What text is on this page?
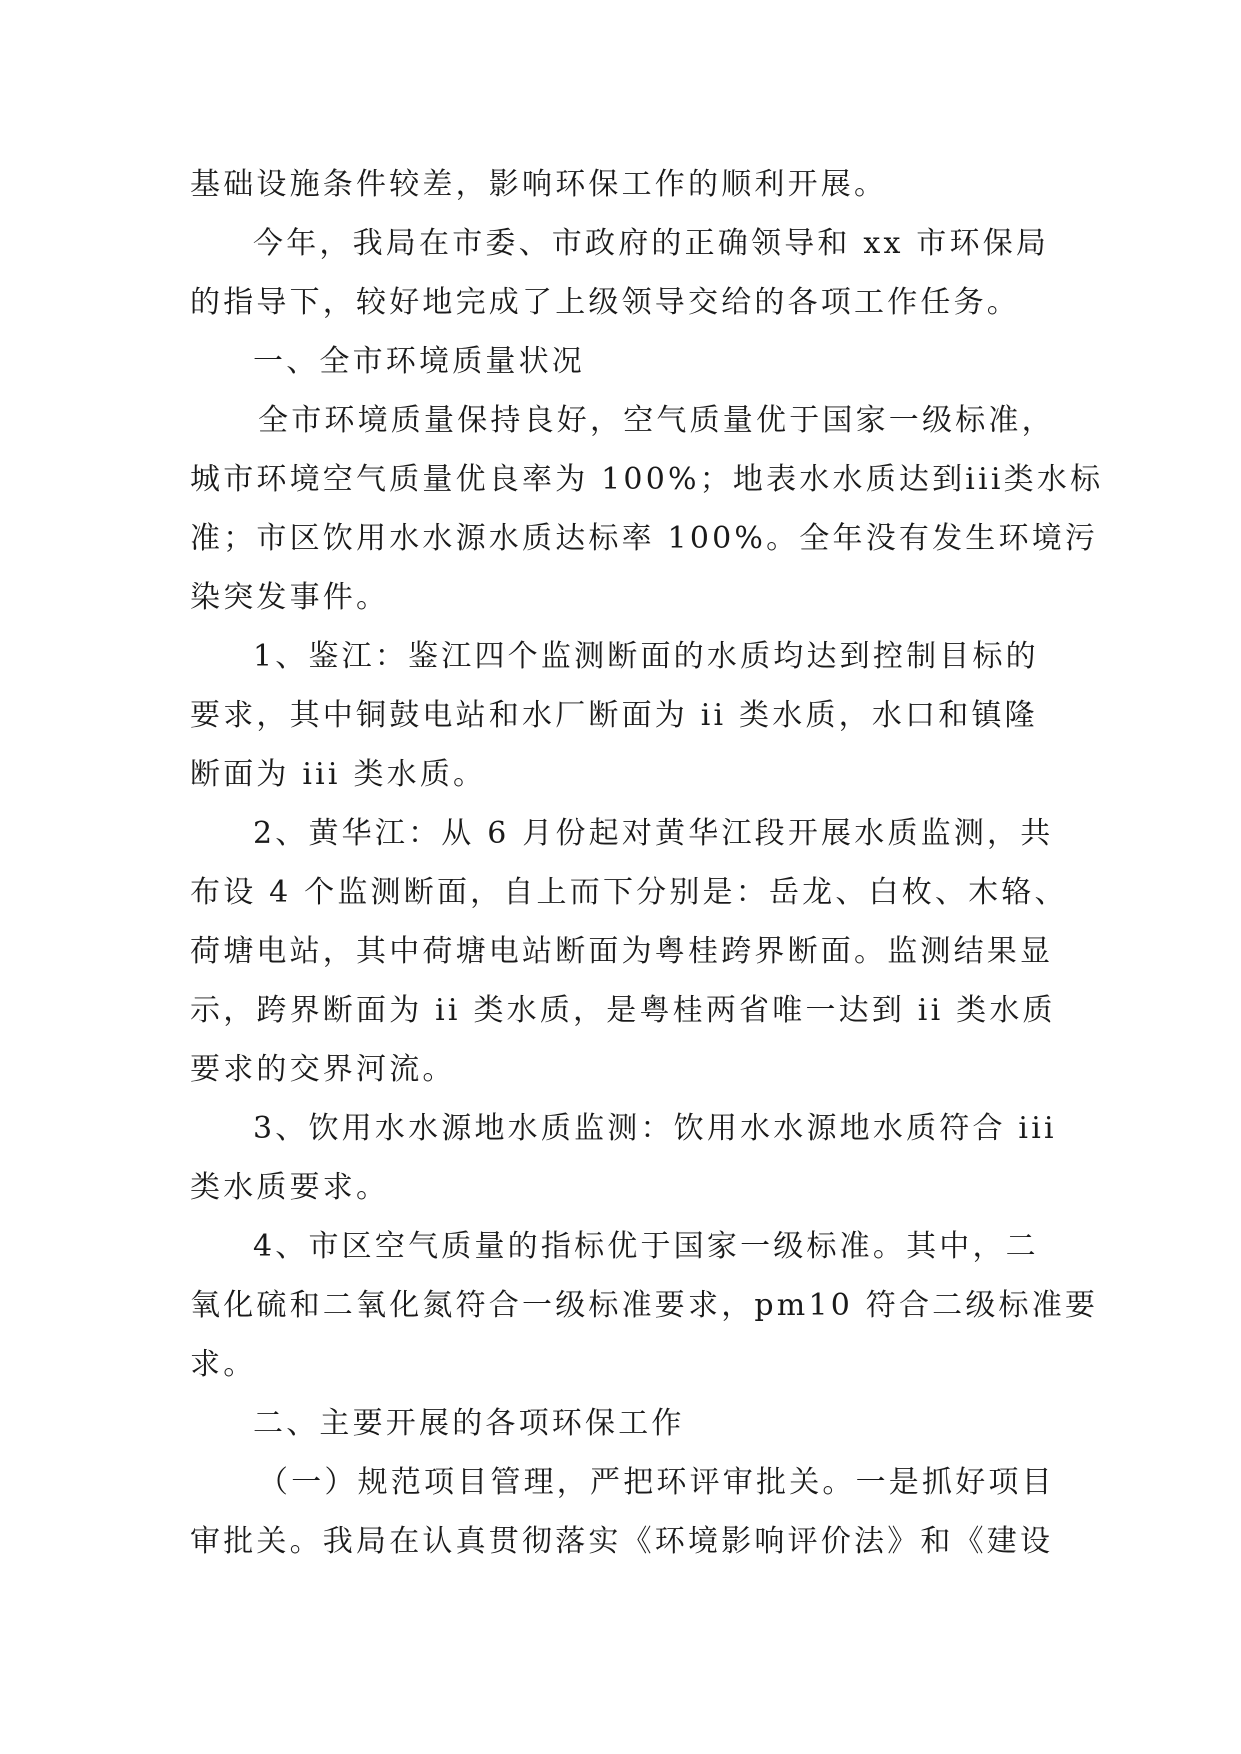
基础设施条件较差，影响环保工作的顺利开展。
今年，我局在市委、市政府的正确领导和 xx 市环保局
的指导下，较好地完成了上级领导交给的各项工作任务。
一、全市环境质量状况
全市环境质量保持良好，空气质量优于国家一级标准，
城市环境空气质量优良率为 100%；地表水水质达到iii类水标
准；市区饮用水水源水质达标率 100%。全年没有发生环境污
染突发事件。
1、鉴江：鉴江四个监测断面的水质均达到控制目标的
要求，其中铜鼓电站和水厂断面为 ii 类水质，水口和镇隆
断面为 iii 类水质。
2、黄华江：从 6 月份起对黄华江段开展水质监测，共
布设 4 个监测断面，自上而下分别是：岳龙、白枚、木辂、
荷塘电站，其中荷塘电站断面为粤桂跨界断面。监测结果显
示，跨界断面为 ii 类水质，是粤桂两省唯一达到 ii 类水质
要求的交界河流。
3、饮用水水源地水质监测：饮用水水源地水质符合 iii
类水质要求。
4、市区空气质量的指标优于国家一级标准。其中，二
氧化硫和二氧化氮符合一级标准要求，pm10 符合二级标准要
求。
二、主要开展的各项环保工作
（一）规范项目管理，严把环评审批关。一是抓好项目
审批关。我局在认真贯彻落实《环境影响评价法》和《建设
